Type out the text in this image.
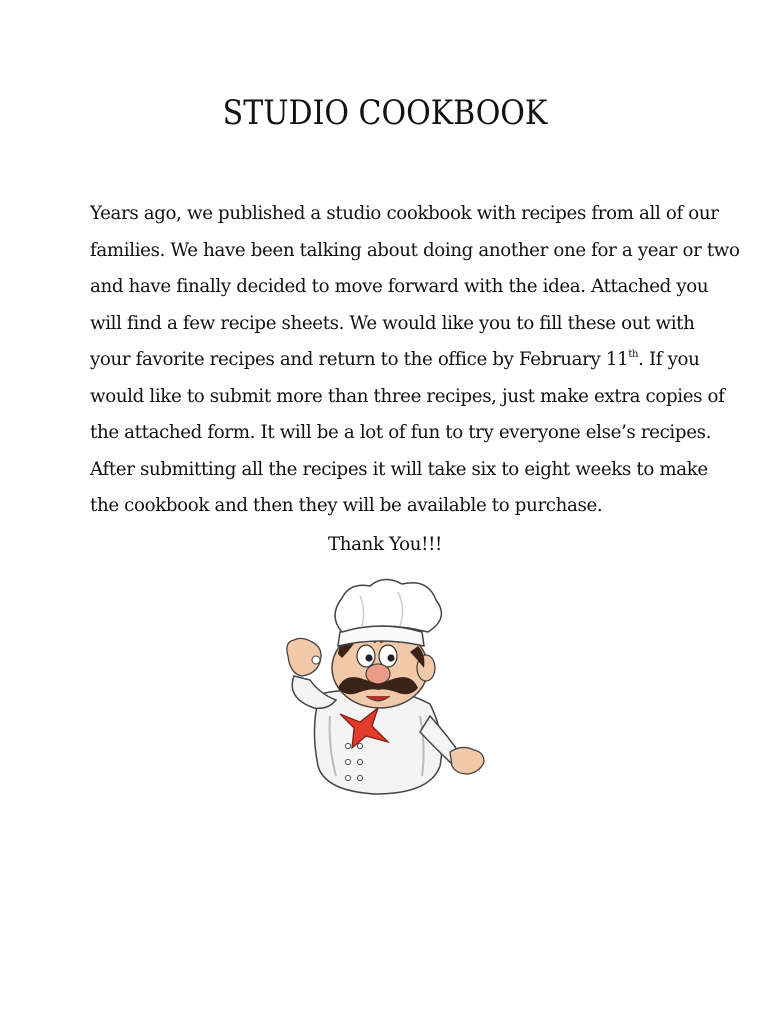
STUDIO COOKBOOK
Years ago, we published a studio cookbook with recipes from all of our
families. We have been talking about doing another one for a year or two
and have finally decided to move forward with the idea. Attached you
will find a few recipe sheets. We would like you to fill these out with
your favorite recipes and return to the office by February 11th. If you
would like to submit more than three recipes, just make extra copies of
the attached form. It will be a lot of fun to try everyone else’s recipes.
After submitting all the recipes it will take six to eight weeks to make
the cookbook and then they will be available to purchase.
Thank You!!!
